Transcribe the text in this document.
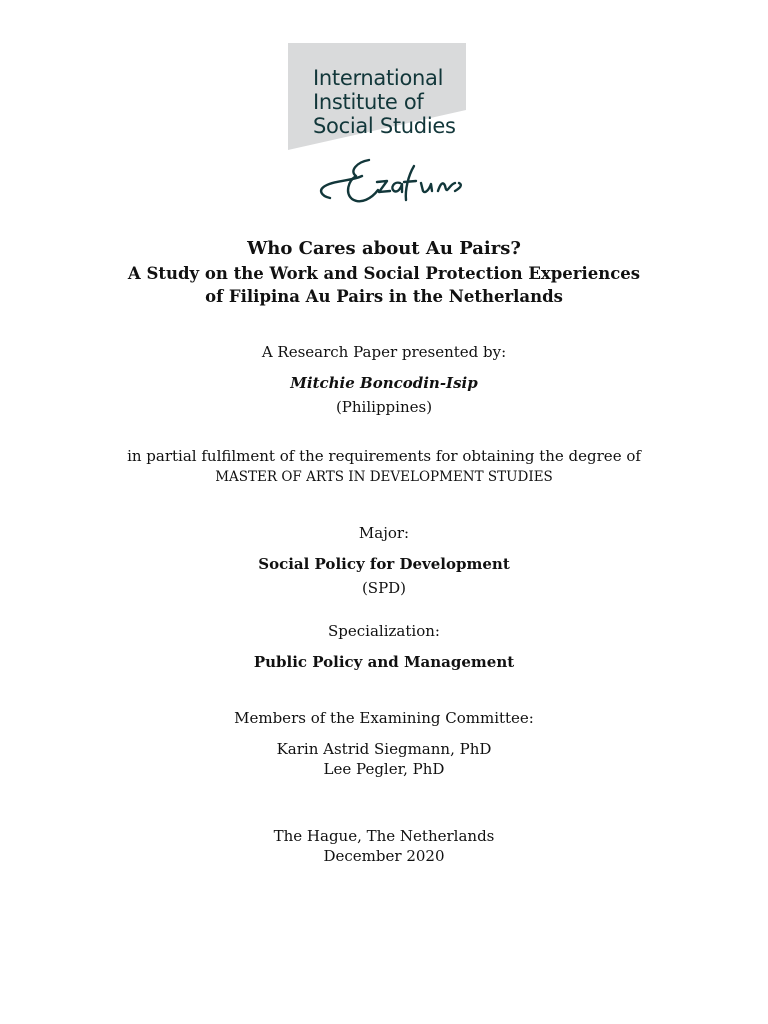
International
Institute of
Social Studies
Who Cares about Au Pairs?
A Study on the Work and Social Protection Experiences
of Filipina Au Pairs in the Netherlands
A Research Paper presented by:
Mitchie Boncodin-Isip
(Philippines)
in partial fulfilment of the requirements for obtaining the degree of
MASTER OF ARTS IN DEVELOPMENT STUDIES
Major:
Social Policy for Development
(SPD)
Specialization:
Public Policy and Management
Members of the Examining Committee:
Karin Astrid Siegmann, PhD
Lee Pegler, PhD
The Hague, The Netherlands
December 2020
